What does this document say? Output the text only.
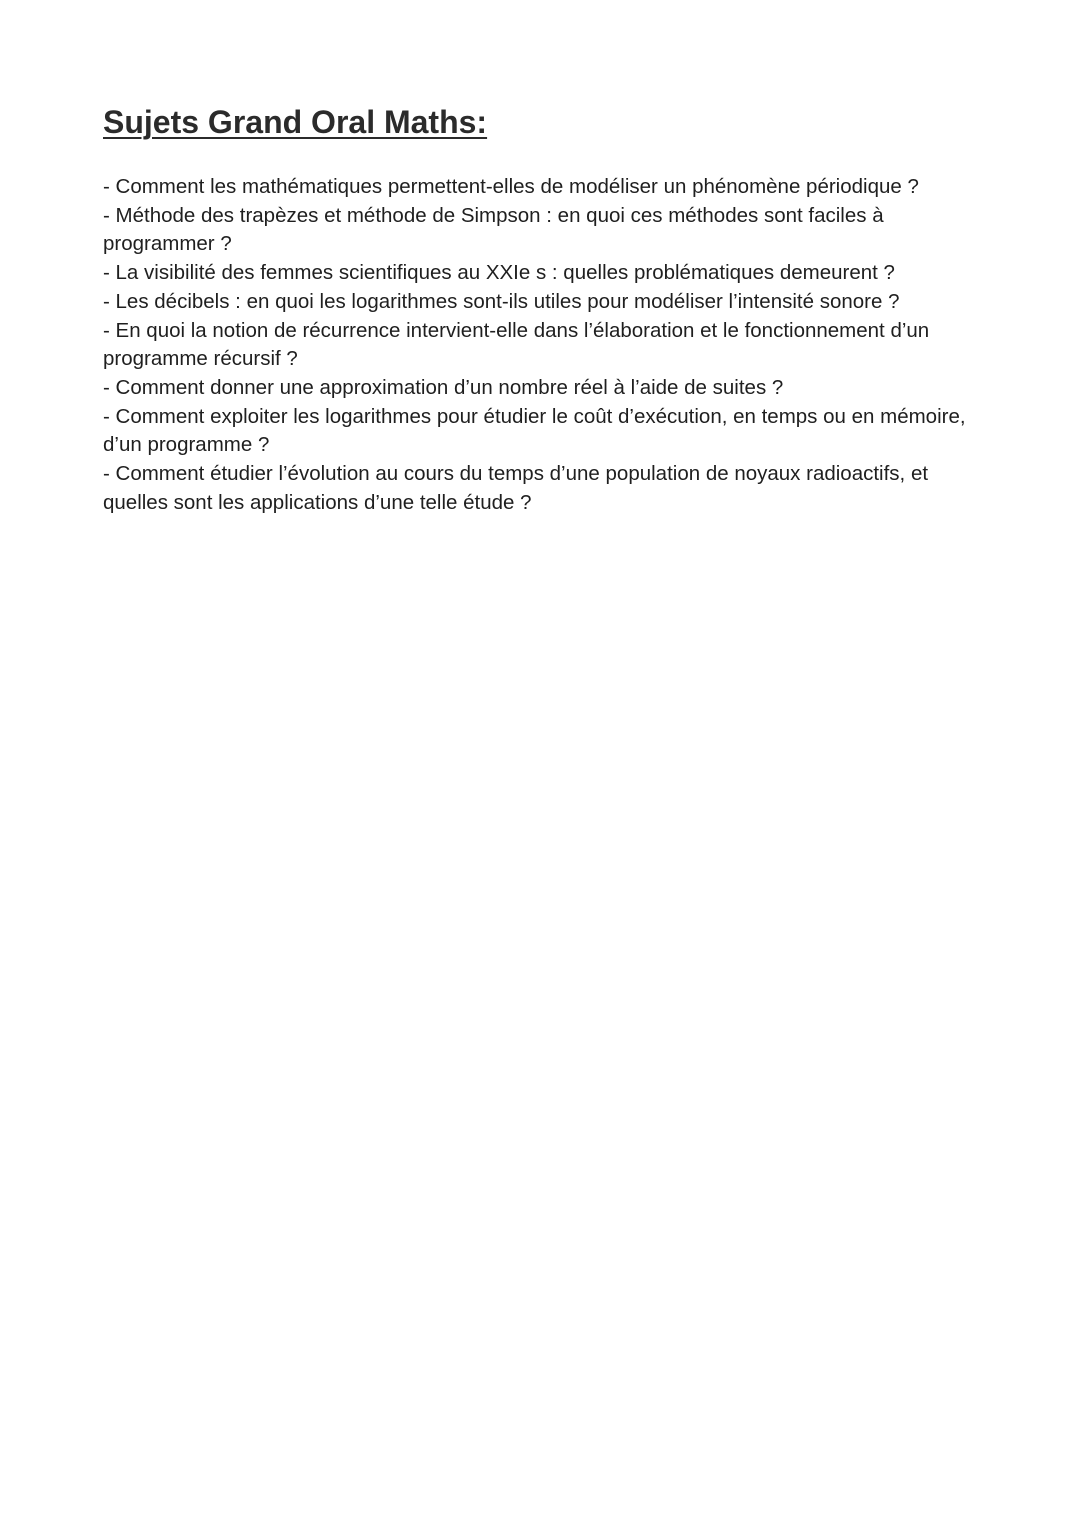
Sujets Grand Oral Maths:
- Comment les mathématiques permettent-elles de modéliser un phénomène périodique ?
- Méthode des trapèzes et méthode de Simpson : en quoi ces méthodes sont faciles à programmer ?
- La visibilité des femmes scientifiques au XXIe s : quelles problématiques demeurent ?
- Les décibels : en quoi les logarithmes sont-ils utiles pour modéliser l’intensité sonore ?
- En quoi la notion de récurrence intervient-elle dans l’élaboration et le fonctionnement d’un programme récursif ?
- Comment donner une approximation d’un nombre réel à l’aide de suites ?
- Comment exploiter les logarithmes pour étudier le coût d’exécution, en temps ou en mémoire, d’un programme ?
- Comment étudier l’évolution au cours du temps d’une population de noyaux radioactifs, et quelles sont les applications d’une telle étude ?
